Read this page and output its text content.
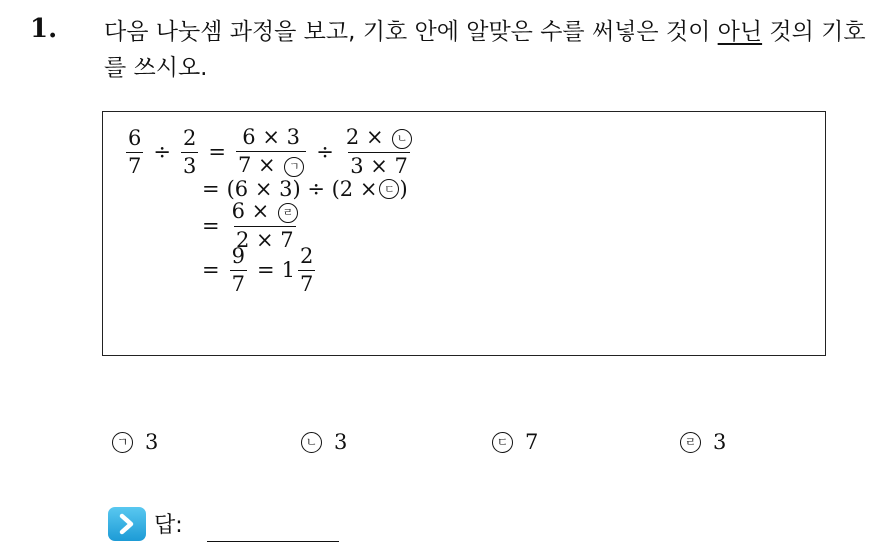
1. 다음 나눗셈 과정을 보고, 기호 안에 알맞은 수를 써넣은 것이 아닌 것의 기호를 쓰시오.
$\frac{6}{7} \div \frac{2}{3} = \frac{6 \times 3}{\text{7 × ㄱ}} \div \frac{\text{2 × ㄴ}}{3 \times 7}$
= (6 × 3) ÷ (2 × ㄷ )
= $\frac{\text{6 × ㄹ}}{2 \times 7}$
= $\frac{9}{7} = 1 \frac{2}{7}$
ㄱ 3	ㄴ 3	ㄷ 7	ㄹ 3
답:
